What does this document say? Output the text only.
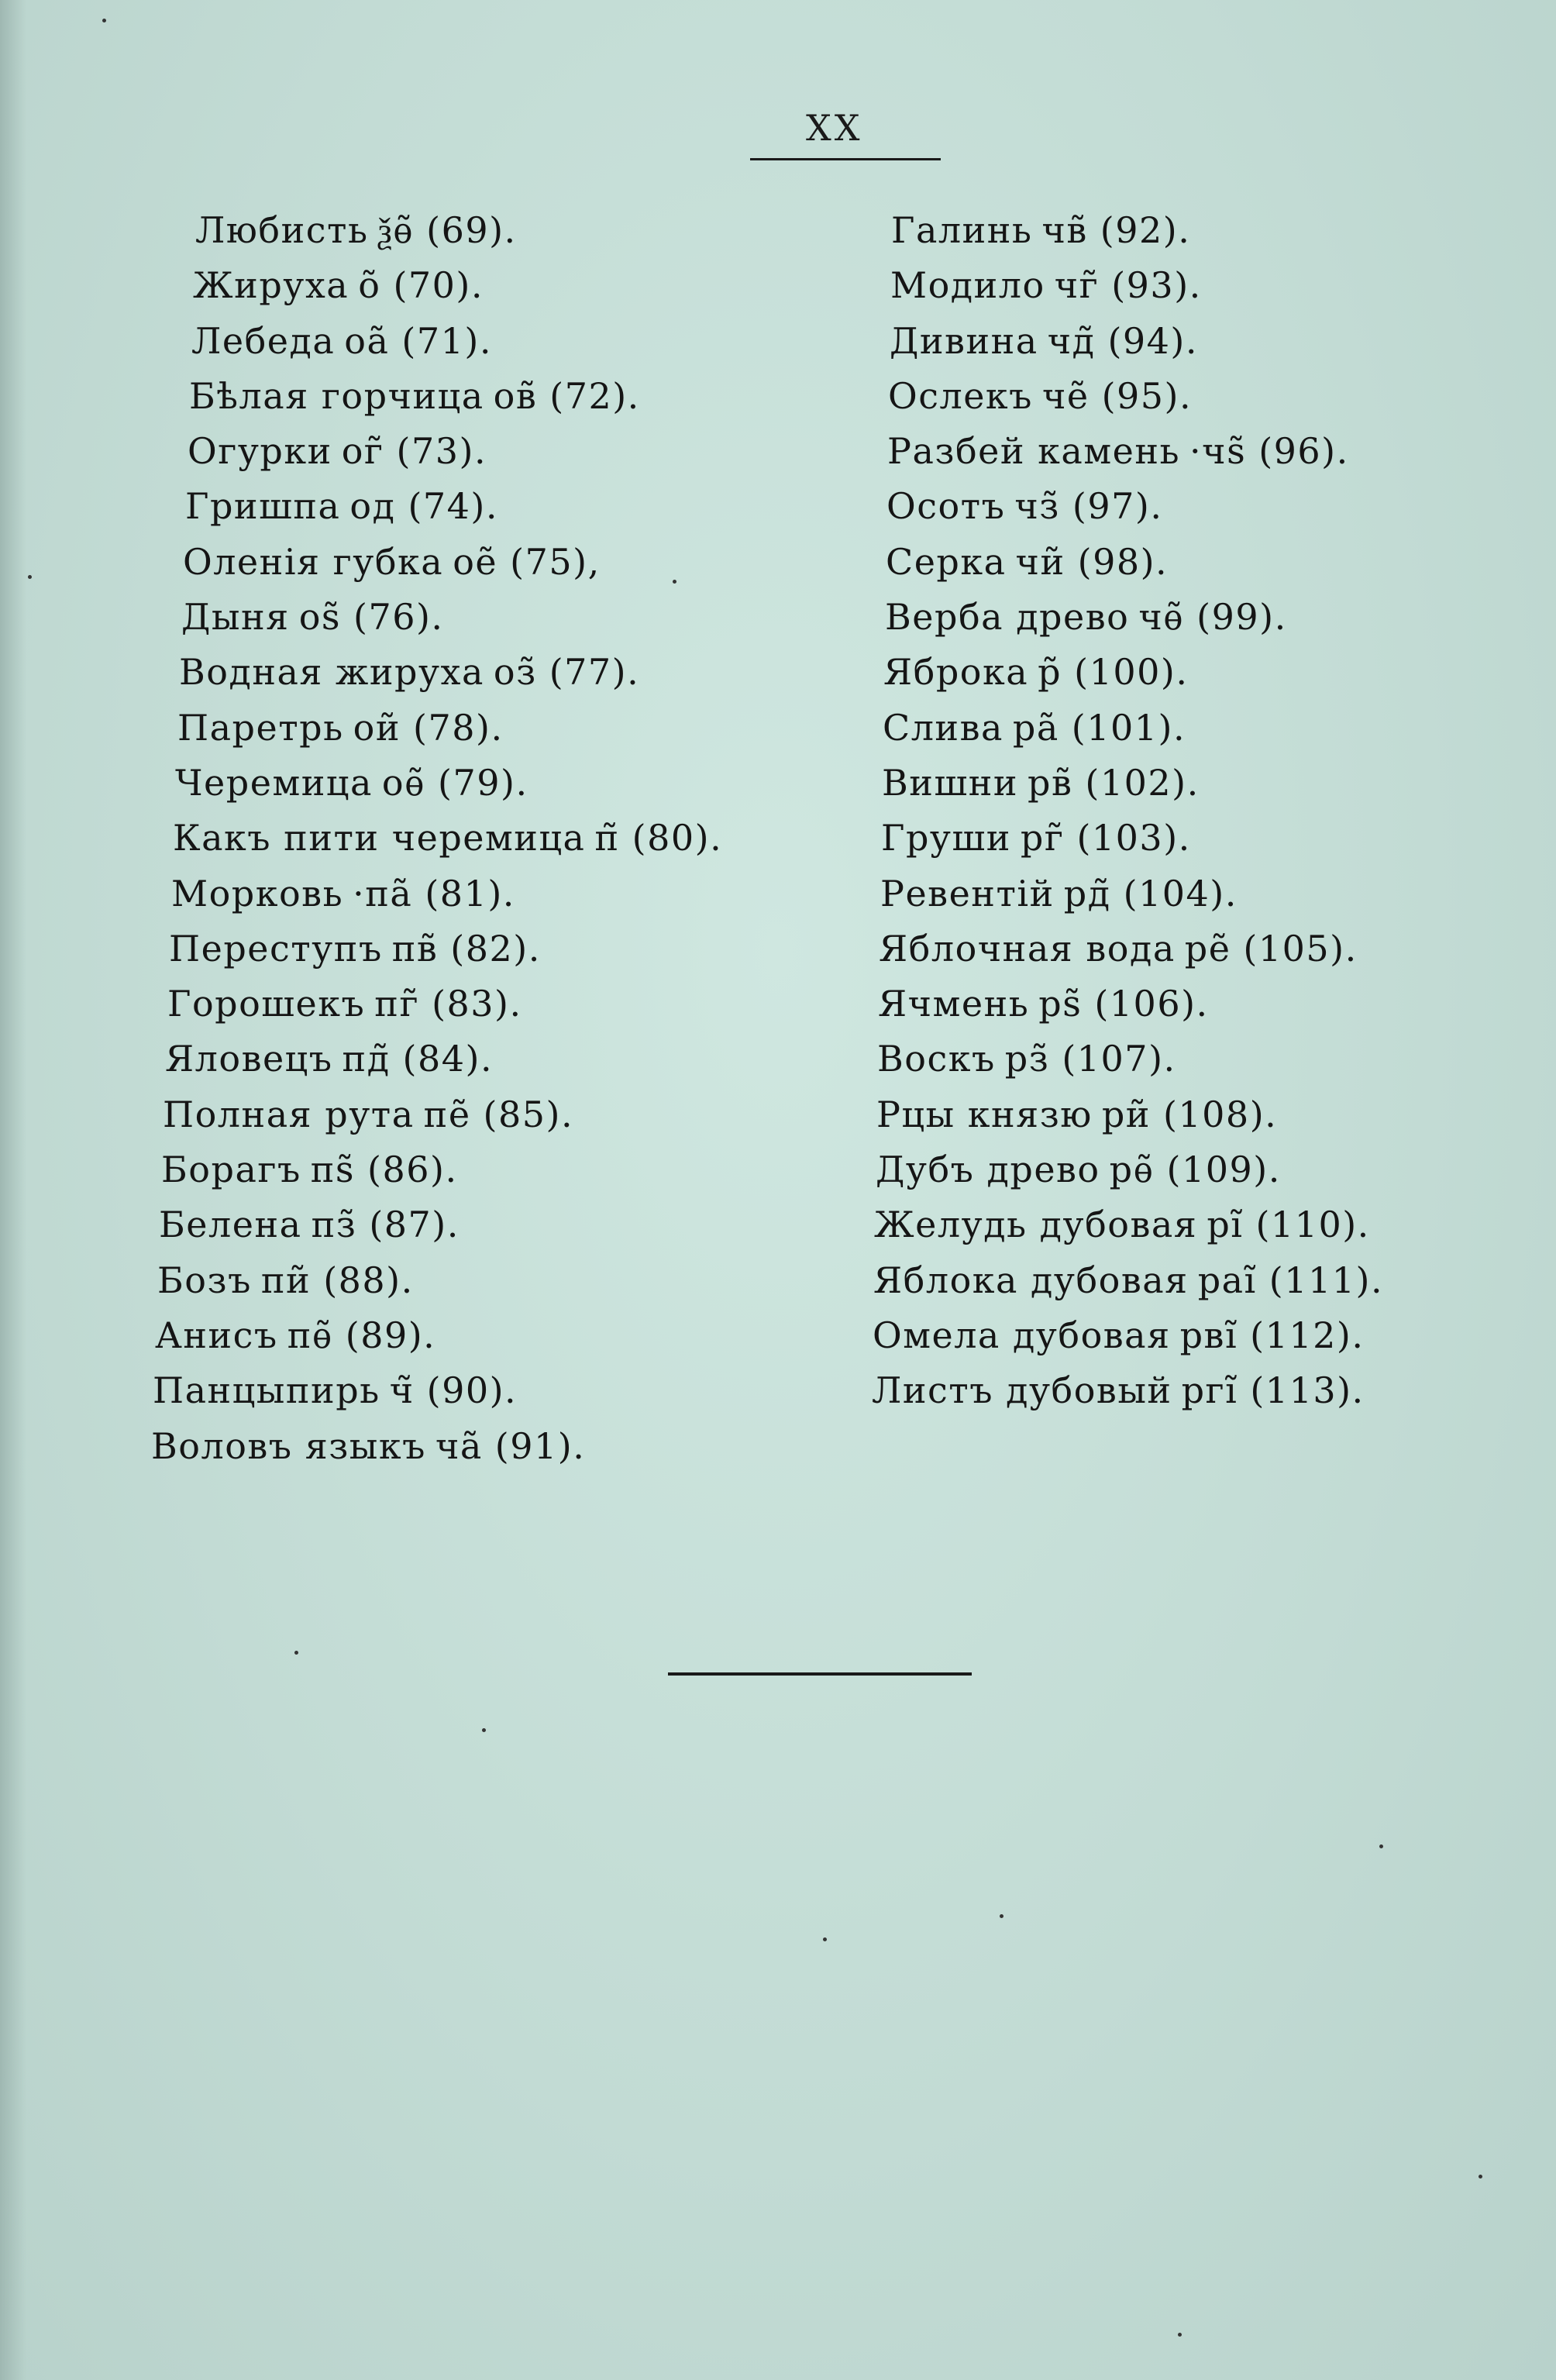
XX
Любисть ѯѳ̃ (69).
Жируха о̃ (70).
Лебеда оа̃ (71).
Бѣлая горчица ов̃ (72).
Огурки ог̃ (73).
Гришпа од (74).
Оленія губка ое̃ (75),
Дыня оѕ̃ (76).
Водная жируха оз̃ (77).
Паретрь ои̃ (78).
Черемица оѳ̃ (79).
Какъ пити черемица п̃ (80).
Морковь ·па̃ (81).
Переступъ пв̃ (82).
Горошекъ пг̃ (83).
Яловецъ пд̃ (84).
Полная рута пе̃ (85).
Борагъ пѕ̃ (86).
Белена пз̃ (87).
Бозъ пи̃ (88).
Анисъ пѳ̃ (89).
Панцыпирь ч̃ (90).
Воловъ языкъ ча̃ (91).
Галинь чв̃ (92).
Модило чг̃ (93).
Дивина чд̃ (94).
Ослекъ че̃ (95).
Разбей камень ·чѕ̃ (96).
Осотъ чз̃ (97).
Серка чи̃ (98).
Верба древо чѳ̃ (99).
Яброка р̃ (100).
Слива ра̃ (101).
Вишни рв̃ (102).
Груши рг̃ (103).
Ревентій рд̃ (104).
Яблочная вода ре̃ (105).
Ячмень рѕ̃ (106).
Воскъ рз̃ (107).
Рцы князю ри̃ (108).
Дубъ древо рѳ̃ (109).
Желудь дубовая рі̃ (110).
Яблока дубовая раі̃ (111).
Омела дубовая рві̃ (112).
Листъ дубовый ргі̃ (113).
